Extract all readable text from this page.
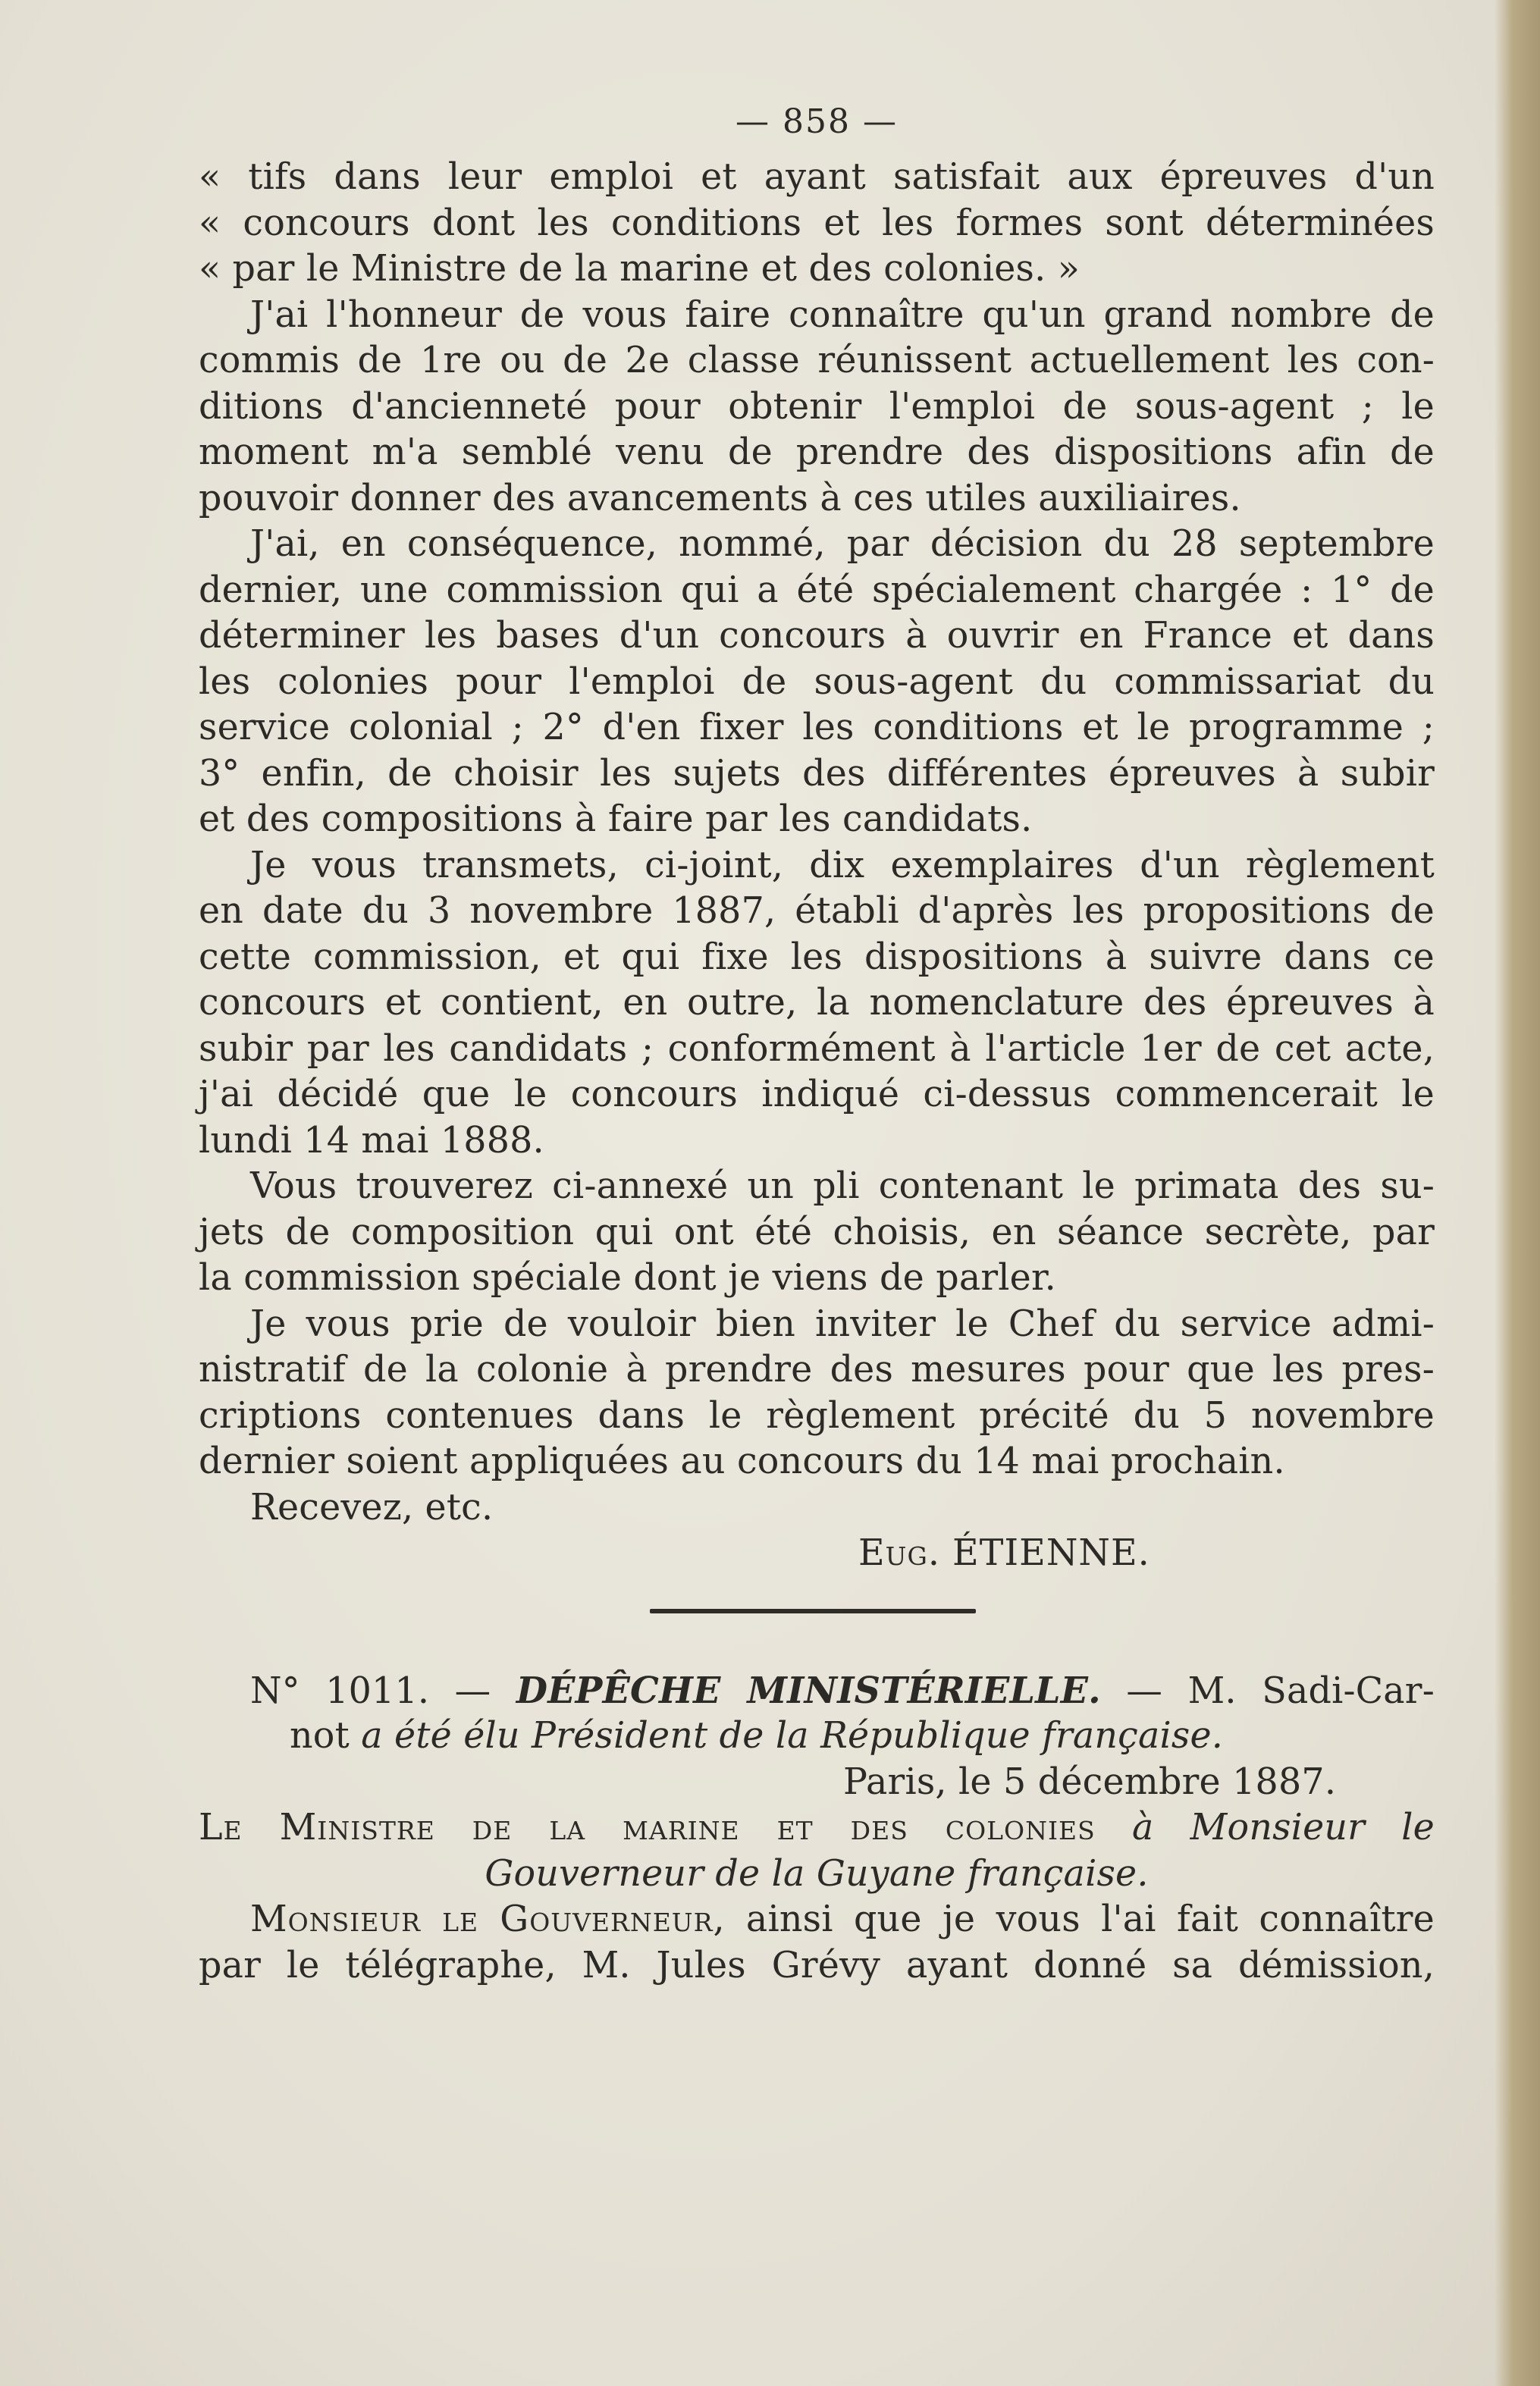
— 858 —
« tifs dans leur emploi et ayant satisfait aux épreuves d'un
« concours dont les conditions et les formes sont déterminées
« par le Ministre de la marine et des colonies. »
J'ai l'honneur de vous faire connaître qu'un grand nombre de
commis de 1re ou de 2e classe réunissent actuellement les con-
ditions d'ancienneté pour obtenir l'emploi de sous-agent ; le
moment m'a semblé venu de prendre des dispositions afin de
pouvoir donner des avancements à ces utiles auxiliaires.
J'ai, en conséquence, nommé, par décision du 28 septembre
dernier, une commission qui a été spécialement chargée : 1° de
déterminer les bases d'un concours à ouvrir en France et dans
les colonies pour l'emploi de sous-agent du commissariat du
service colonial ; 2° d'en fixer les conditions et le programme ;
3° enfin, de choisir les sujets des différentes épreuves à subir
et des compositions à faire par les candidats.
Je vous transmets, ci-joint, dix exemplaires d'un règlement
en date du 3 novembre 1887, établi d'après les propositions de
cette commission, et qui fixe les dispositions à suivre dans ce
concours et contient, en outre, la nomenclature des épreuves à
subir par les candidats ; conformément à l'article 1er de cet acte,
j'ai décidé que le concours indiqué ci-dessus commencerait le
lundi 14 mai 1888.
Vous trouverez ci-annexé un pli contenant le primata des su-
jets de composition qui ont été choisis, en séance secrète, par
la commission spéciale dont je viens de parler.
Je vous prie de vouloir bien inviter le Chef du service admi-
nistratif de la colonie à prendre des mesures pour que les pres-
criptions contenues dans le règlement précité du 5 novembre
dernier soient appliquées au concours du 14 mai prochain.
Recevez, etc.
Eug. ÉTIENNE.
N° 1011. — DÉPÊCHE MINISTÉRIELLE. — M. Sadi-Car-
not a été élu Président de la République française.
Paris, le 5 décembre 1887.
Le Ministre de la marine et des colonies à Monsieur le
Gouverneur de la Guyane française.
Monsieur le Gouverneur, ainsi que je vous l'ai fait connaître
par le télégraphe, M. Jules Grévy ayant donné sa démission,
